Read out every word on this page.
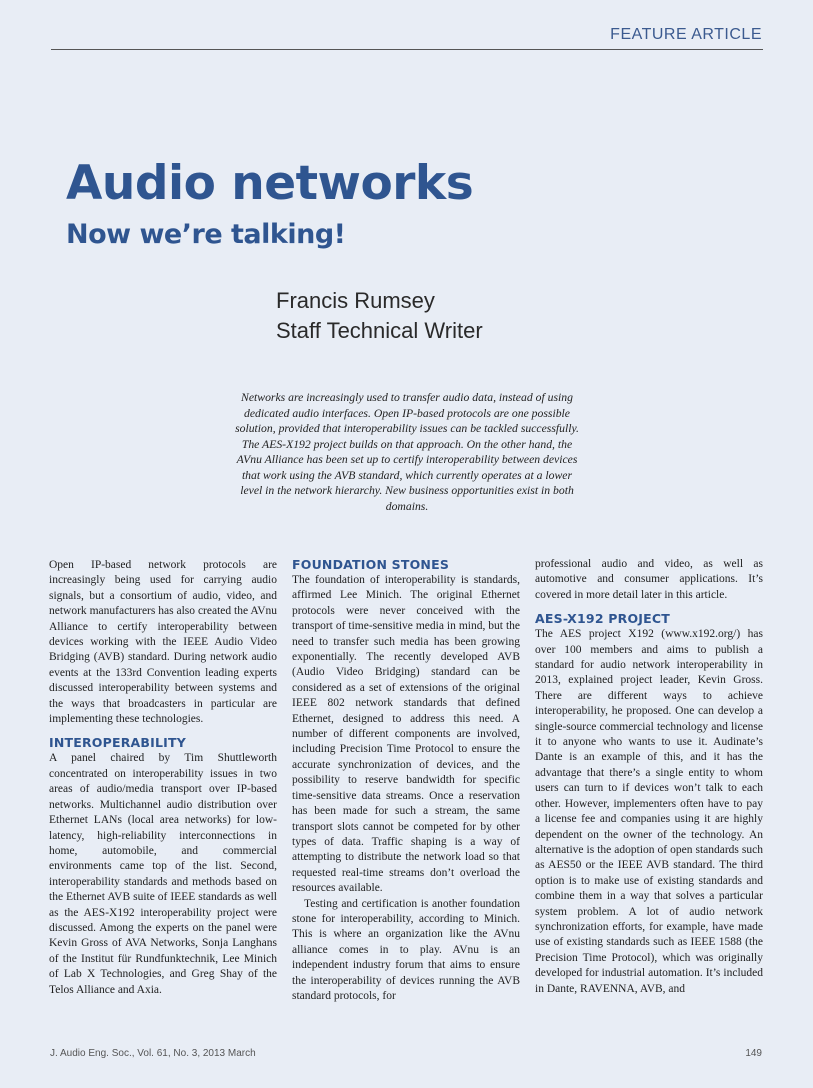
FEATURE ARTICLE
Audio networks
Now we’re talking!
Francis Rumsey
Staff Technical Writer
Networks are increasingly used to transfer audio data, instead of using dedicated audio interfaces. Open IP-based protocols are one possible solution, provided that interoperability issues can be tackled successfully. The AES-X192 project builds on that approach. On the other hand, the AVnu Alliance has been set up to certify interoperability between devices that work using the AVB standard, which currently operates at a lower level in the network hierarchy. New business opportunities exist in both domains.

Open IP-based network protocols are increasingly being used for carrying audio signals, but a consortium of audio, video, and network manufacturers has also created the AVnu Alliance to certify interoperability between devices working with the IEEE Audio Video Bridging (AVB) standard. During network audio events at the 133rd Convention leading experts discussed interoperability between systems and the ways that broadcasters in particular are implementing these technologies.

INTEROPERABILITY

A panel chaired by Tim Shuttleworth concentrated on interoperability issues in two areas of audio/media transport over IP-based networks. Multichannel audio distribution over Ethernet LANs (local area networks) for low-latency, high-reliability interconnections in home, automobile, and commercial environments came top of the list. Second, interoperability standards and methods based on the Ethernet AVB suite of IEEE standards as well as the AES-X192 interoperability project were discussed. Among the experts on the panel were Kevin Gross of AVA Networks, Sonja Langhans of the Institut für Rundfunktechnik, Lee Minich of Lab X Technologies, and Greg Shay of the Telos Alliance and Axia.

FOUNDATION STONES

The foundation of interoperability is standards, affirmed Lee Minich. The original Ethernet protocols were never conceived with the transport of time-sensitive media in mind, but the need to transfer such media has been growing exponentially. The recently developed AVB (Audio Video Bridging) standard can be considered as a set of extensions of the original IEEE 802 network standards that defined Ethernet, designed to address this need. A number of different components are involved, including Precision Time Protocol to ensure the accurate synchronization of devices, and the possibility to reserve bandwidth for specific time-sensitive data streams. Once a reservation has been made for such a stream, the same transport slots cannot be competed for by other types of data. Traffic shaping is a way of attempting to distribute the network load so that requested real-time streams don’t overload the resources available.

Testing and certification is another foundation stone for interoperability, according to Minich. This is where an organization like the AVnu alliance comes in to play. AVnu is an independent industry forum that aims to ensure the interoperability of devices running the AVB standard protocols, for

professional audio and video, as well as automotive and consumer applications. It’s covered in more detail later in this article.

AES-X192 PROJECT

The AES project X192 (www.x192.org/) has over 100 members and aims to publish a standard for audio network interoperability in 2013, explained project leader, Kevin Gross. There are different ways to achieve interoperability, he proposed. One can develop a single-source commercial technology and license it to anyone who wants to use it. Audinate’s Dante is an example of this, and it has the advantage that there’s a single entity to whom users can turn to if devices won’t talk to each other. However, implementers often have to pay a license fee and companies using it are highly dependent on the owner of the technology. An alternative is the adoption of open standards such as AES50 or the IEEE AVB standard. The third option is to make use of existing standards and combine them in a way that solves a particular system problem. A lot of audio network synchronization efforts, for example, have made use of existing standards such as IEEE 1588 (the Precision Time Protocol), which was originally developed for industrial automation. It’s included in Dante, RAVENNA, AVB, and

J. Audio Eng. Soc., Vol. 61, No. 3, 2013 March	149
